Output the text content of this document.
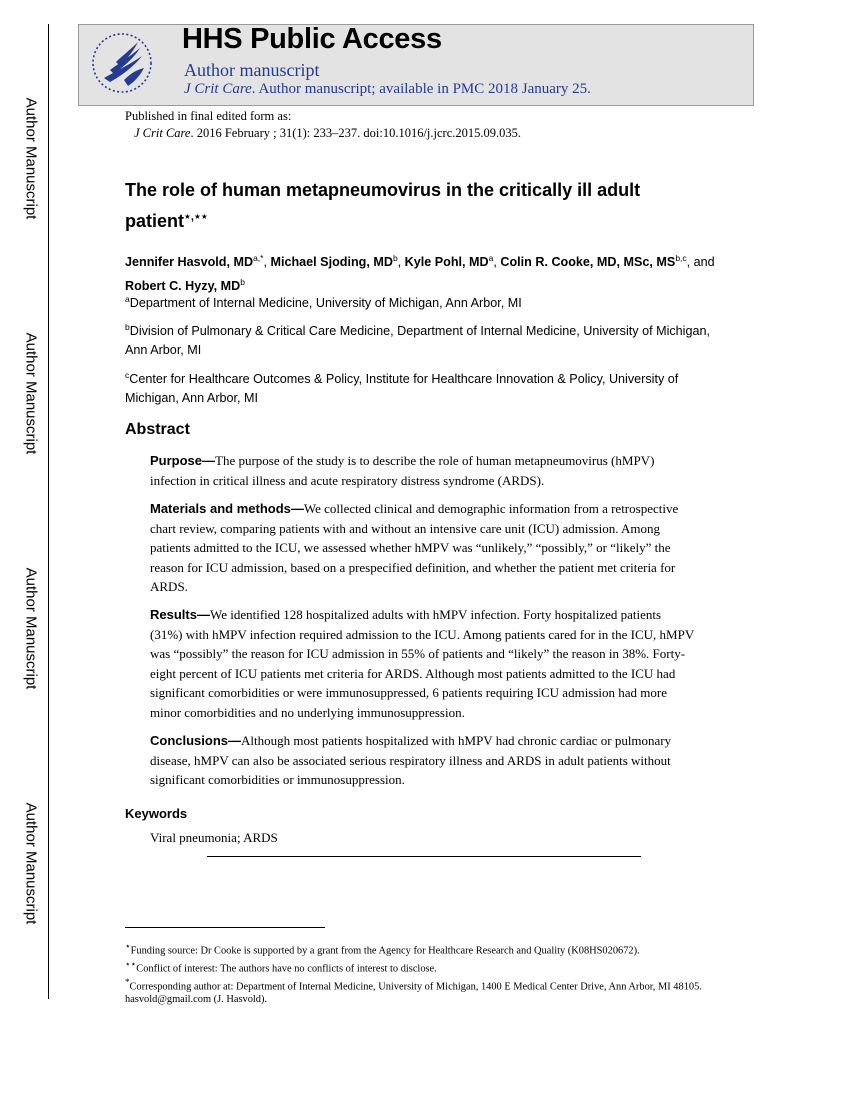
Author Manuscript
Author Manuscript
Author Manuscript
Author Manuscript
HHS Public Access
Author manuscript
J Crit Care. Author manuscript; available in PMC 2018 January 25.
Published in final edited form as:
J Crit Care. 2016 February ; 31(1): 233–237. doi:10.1016/j.jcrc.2015.09.035.
The role of human metapneumovirus in the critically ill adult patient⋆,⋆⋆
Jennifer Hasvold, $MD^{a,*}$, Michael Sjoding, $MD^b$, Kyle Pohl, $MD^a$, Colin R. Cooke, MD, MSc, MS$^{b,c}$, and Robert C. Hyzy, $MD^b$
$^a$Department of Internal Medicine, University of Michigan, Ann Arbor, MI
$^b$Division of Pulmonary & Critical Care Medicine, Department of Internal Medicine, University of Michigan, Ann Arbor, MI
$^c$Center for Healthcare Outcomes & Policy, Institute for Healthcare Innovation & Policy, University of Michigan, Ann Arbor, MI
Abstract
Purpose—The purpose of the study is to describe the role of human metapneumovirus (hMPV) infection in critical illness and acute respiratory distress syndrome (ARDS).
Materials and methods—We collected clinical and demographic information from a retrospective chart review, comparing patients with and without an intensive care unit (ICU) admission. Among patients admitted to the ICU, we assessed whether hMPV was “unlikely,” “possibly,” or “likely” the reason for ICU admission, based on a prespecified definition, and whether the patient met criteria for ARDS.
Results—We identified 128 hospitalized adults with hMPV infection. Forty hospitalized patients (31%) with hMPV infection required admission to the ICU. Among patients cared for in the ICU, hMPV was “possibly” the reason for ICU admission in 55% of patients and “likely” the reason in 38%. Forty-eight percent of ICU patients met criteria for ARDS. Although most patients admitted to the ICU had significant comorbidities or were immunosuppressed, 6 patients requiring ICU admission had more minor comorbidities and no underlying immunosuppression.
Conclusions—Although most patients hospitalized with hMPV had chronic cardiac or pulmonary disease, hMPV can also be associated serious respiratory illness and ARDS in adult patients without significant comorbidities or immunosuppression.
Keywords
Viral pneumonia; ARDS
⋆Funding source: Dr Cooke is supported by a grant from the Agency for Healthcare Research and Quality (K08HS020672).
⋆⋆Conflict of interest: The authors have no conflicts of interest to disclose.
*Corresponding author at: Department of Internal Medicine, University of Michigan, 1400 E Medical Center Drive, Ann Arbor, MI 48105. hasvold@gmail.com (J. Hasvold).
